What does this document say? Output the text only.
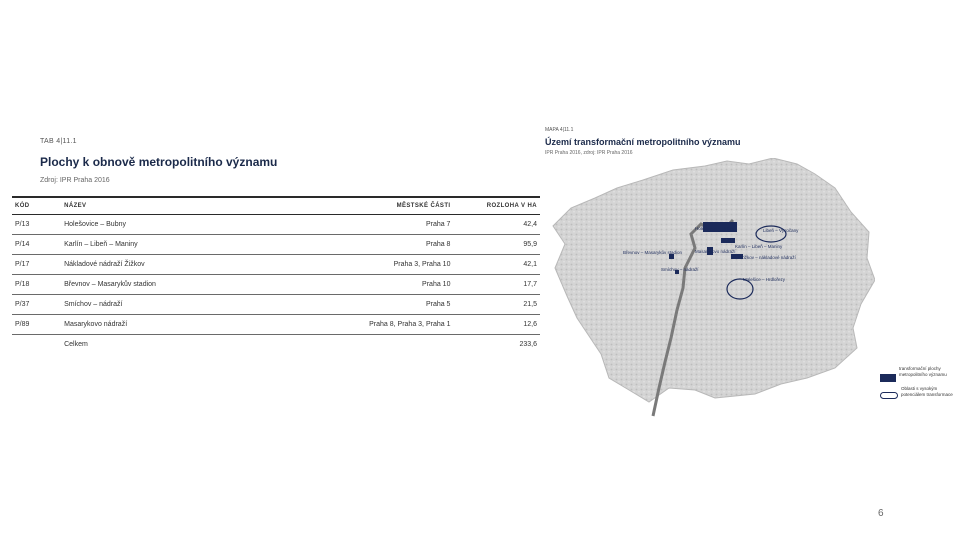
TAB 4|11.1
Plochy k obnově metropolitního významu
Zdroj: IPR Praha 2016
KÓD	NÁZEV	MĚSTSKÉ ČÁSTI	ROZLOHA V HA
P/13	Holešovice – Bubny	Praha 7	42,4
P/14	Karlín – Libeň – Maniny	Praha 8	95,9
P/17	Nákladové nádraží Žižkov	Praha 3, Praha 10	42,1
P/18	Břevnov – Masarykův stadion	Praha 10	17,7
P/37	Smíchov – nádraží	Praha 5	21,5
P/89	Masarykovo nádraží	Praha 8, Praha 3, Praha 1	12,6
	Celkem		233,6
MAPA 4|11.1
Území transformační metropolitního významu
IPR Praha 2016, zdroj: IPR Praha 2016
Holešovice – Bubny
Karlín – Libeň – Maniny
Masarykovo nádraží
Libeň – Vysočany
Břevnov – Masarykův stadion
Smíchov – nádraží
Žižkov – nákladové nádraží
Malešice – Hrdlořezy
transformační plochy metropolitního významu
Oblasti s vysokým potenciálem transformace
6
